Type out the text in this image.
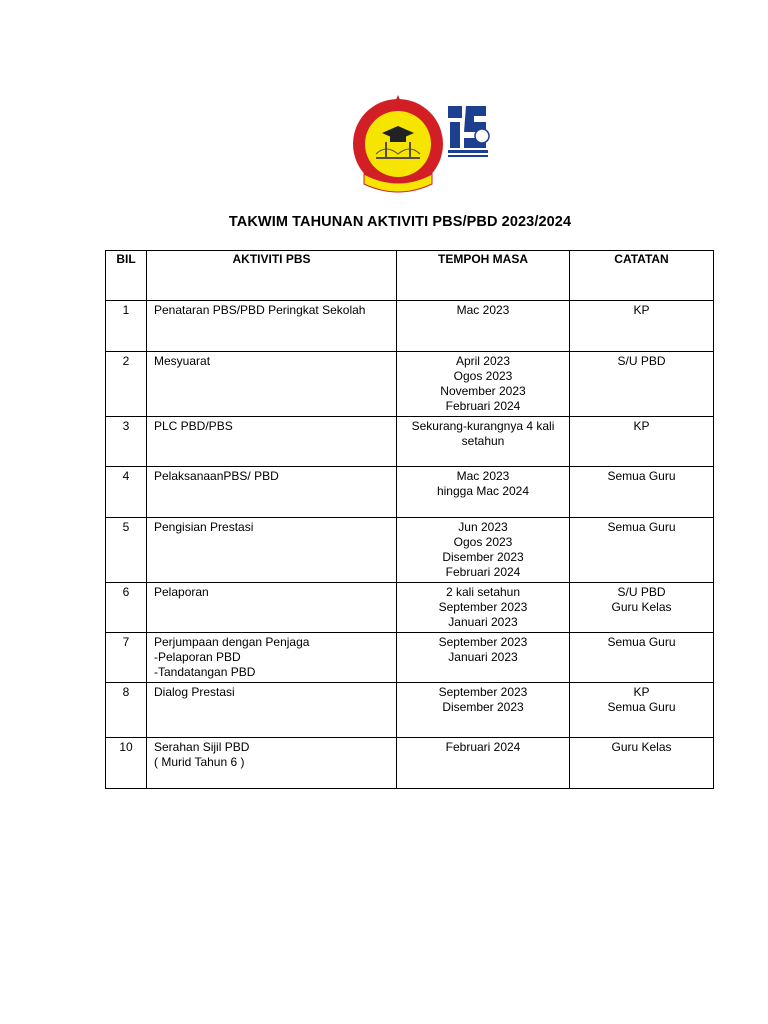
TAKWIM TAHUNAN AKTIVITI PBS/PBD 2023/2024
BIL	AKTIVITI PBS	TEMPOH MASA	CATATAN
1	Penataran PBS/PBD Peringkat Sekolah	Mac 2023	KP

2	Mesyuarat	April 2023
Ogos 2023
November 2023
Februari 2024	S/U PBD

3	PLC PBD/PBS	Sekurang-kurangnya 4 kali
setahun	KP

4	PelaksanaanPBS/ PBD	Mac 2023
hingga Mac 2024	Semua Guru

5	Pengisian Prestasi	Jun 2023
Ogos 2023
Disember 2023
Februari 2024	Semua Guru

6	Pelaporan	2 kali setahun
September 2023
Januari 2023	S/U PBD
Guru Kelas

7	Perjumpaan dengan Penjaga
-Pelaporan PBD
-Tandatangan PBD	September 2023
Januari 2023	Semua Guru

8	Dialog Prestasi	September 2023
Disember 2023	KP
Semua Guru

10	Serahan Sijil PBD
( Murid Tahun 6 )	Februari 2024	Guru Kelas
